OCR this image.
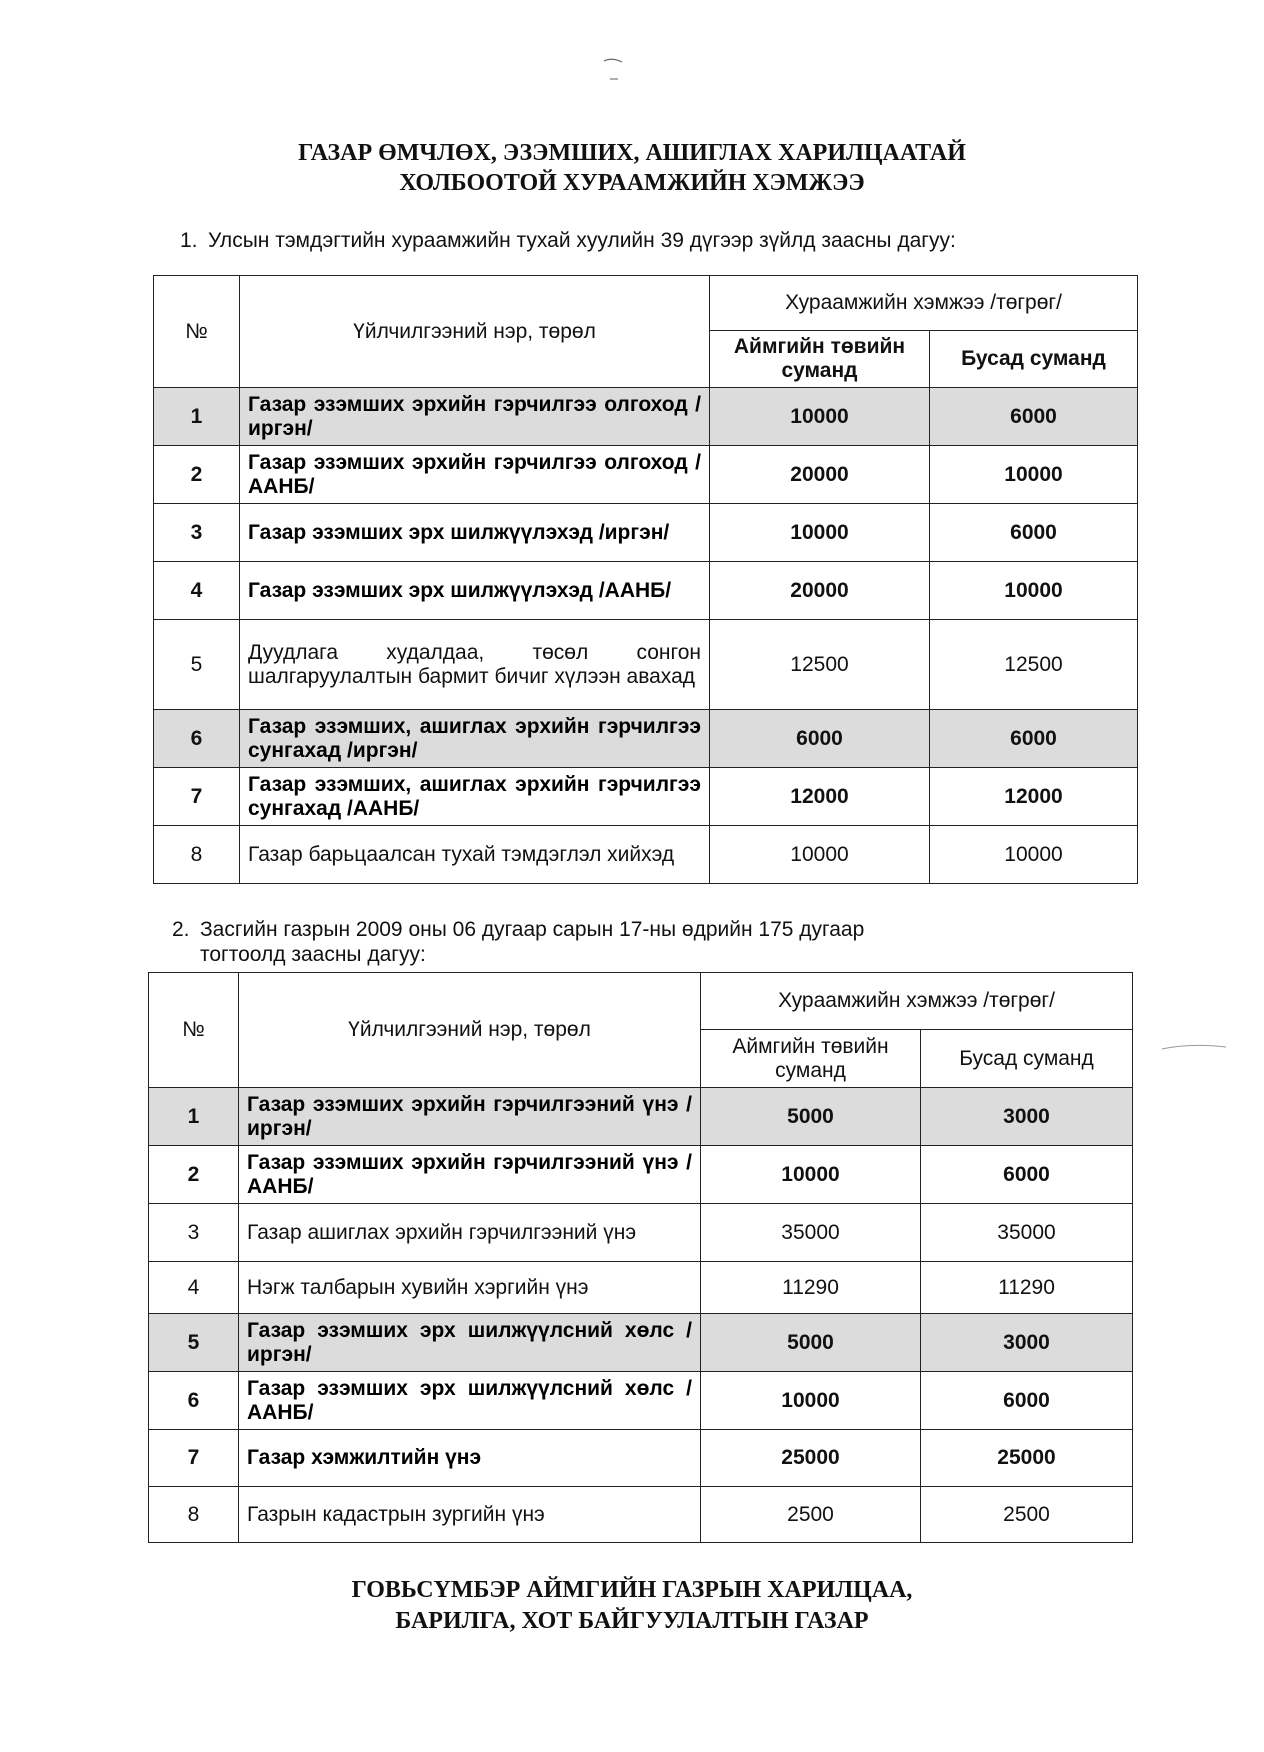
ГАЗАР ӨМЧЛӨХ, ЭЗЭМШИХ, АШИГЛАХ ХАРИЛЦААТАЙ
ХОЛБООТОЙ ХУРААМЖИЙН ХЭМЖЭЭ
1. Улсын тэмдэгтийн хураамжийн тухай хуулийн 39 дүгээр зүйлд заасны дагуу:
№	Үйлчилгээний нэр, төрөл	Хураамжийн хэмжээ /төгрөг/	
		Аймгийн төвийн суманд	Бусад суманд
1	Газар эзэмших эрхийн гэрчилгээ олгоход /иргэн/	10000	6000
2	Газар эзэмших эрхийн гэрчилгээ олгоход /ААНБ/	20000	10000
3	Газар эзэмших эрх шилжүүлэхэд /иргэн/	10000	6000
4	Газар эзэмших эрх шилжүүлэхэд /ААНБ/	20000	10000
5	Дуудлага худалдаа, төсөл сонгон шалгаруулалтын бармит бичиг хүлээн авахад	12500	12500
6	Газар эзэмших, ашиглах эрхийн гэрчилгээ сунгахад /иргэн/	6000	6000
7	Газар эзэмших, ашиглах эрхийн гэрчилгээ сунгахад /ААНБ/	12000	12000
8	Газар барьцаалсан тухай тэмдэглэл хийхэд	10000	10000
2. Засгийн газрын 2009 оны 06 дугаар сарын 17-ны өдрийн 175 дугаар
тогтоолд заасны дагуу:
№	Үйлчилгээний нэр, төрөл	Хураамжийн хэмжээ /төгрөг/	
		Аймгийн төвийн суманд	Бусад суманд
1	Газар эзэмших эрхийн гэрчилгээний үнэ /иргэн/	5000	3000
2	Газар эзэмших эрхийн гэрчилгээний үнэ /ААНБ/	10000	6000
3	Газар ашиглах эрхийн гэрчилгээний үнэ	35000	35000
4	Нэгж талбарын хувийн хэргийн үнэ	11290	11290
5	Газар эзэмших эрх шилжүүлсний хөлс /иргэн/	5000	3000
6	Газар эзэмших эрх шилжүүлсний хөлс /ААНБ/	10000	6000
7	Газар хэмжилтийн үнэ	25000	25000
8	Газрын кадастрын зургийн үнэ	2500	2500
ГОВЬСҮМБЭР АЙМГИЙН ГАЗРЫН ХАРИЛЦАА,
БАРИЛГА, ХОТ БАЙГУУЛАЛТЫН ГАЗАР
